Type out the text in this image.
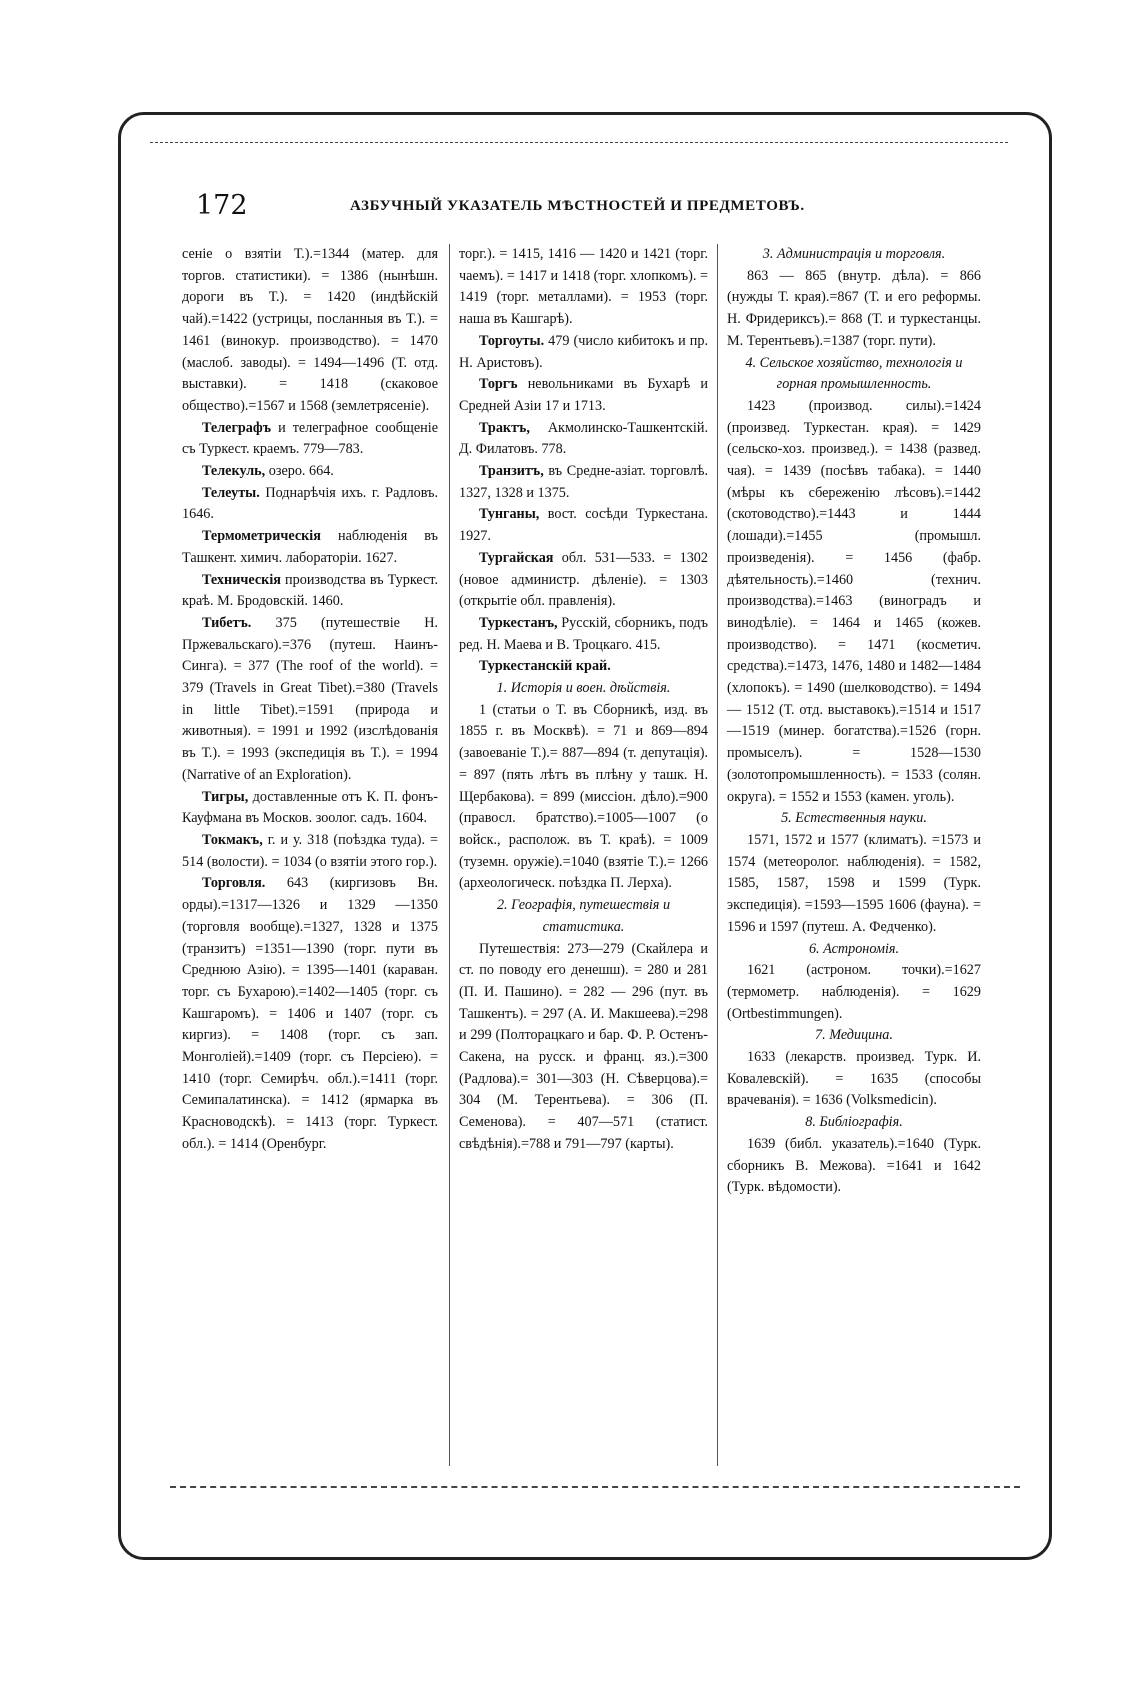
172	АЗБУЧНЫЙ УКАЗАТЕЛЬ МѢСТНОСТЕЙ И ПРЕДМЕТОВЪ.

сеніе о взятіи Т.).=1344 (матер. для торгов. статистики). = 1386 (нынѣшн. дороги въ Т.). = 1420 (индѣйскій чай).=1422 (устрицы, посланныя въ Т.). = 1461 (винокур. производство). = 1470 (маслоб. заводы). = 1494—1496 (Т. отд. выставки). = 1418 (скаковое общество).=1567 и 1568 (землетрясеніе).

Телеграфъ и телеграфное сообщеніе съ Туркест. краемъ. 779—783.

Телекуль, озеро. 664.

Телеуты. Поднарѣчія ихъ. г. Радловъ. 1646.

Термометрическія наблюденія въ Ташкент. химич. лабораторіи. 1627.

Техническія производства въ Туркест. краѣ. М. Бродовскій. 1460.

Тибетъ. 375 (путешествіе Н. Пржевальскаго).=376 (путеш. Наинъ-Синга). = 377 (The roof of the world). = 379 (Travels in Great Tibet).=380 (Travels in little Tibet).=1591 (природа и животныя). = 1991 и 1992 (изслѣдованія въ Т.). = 1993 (экспедиція въ Т.). = 1994 (Narrative of an Exploration).

Тигры, доставленные отъ К. П. фонъ-Кауфмана въ Москов. зоолог. садъ. 1604.

Токмакъ, г. и у. 318 (поѣздка туда). = 514 (волости). = 1034 (о взятіи этого гор.).

Торговля. 643 (киргизовъ Вн. орды).=1317—1326 и 1329 —1350 (торговля вообще).=1327, 1328 и 1375 (транзитъ) =1351—1390 (торг. пути въ Среднюю Азію). = 1395—1401 (караван. торг. съ Бухарою).=1402—1405 (торг. съ Кашгаромъ). = 1406 и 1407 (торг. съ киргиз). = 1408 (торг. съ зап. Монголіей).=1409 (торг. съ Персіею). = 1410 (торг. Семирѣч. обл.).=1411 (торг. Семипалатинска). = 1412 (ярмарка въ Красноводскѣ). = 1413 (торг. Туркест. обл.). = 1414 (Оренбург.

торг.). = 1415, 1416 — 1420 и 1421 (торг. чаемъ). = 1417 и 1418 (торг. хлопкомъ). = 1419 (торг. металлами). = 1953 (торг. наша въ Кашгарѣ).

Торгоуты. 479 (число кибитокъ и пр. Н. Аристовъ).

Торгъ невольниками въ Бухарѣ и Средней Азіи 17 и 1713.

Трактъ, Акмолинско-Ташкентскій. Д. Филатовъ. 778.

Транзитъ, въ Средне-азіат. торговлѣ. 1327, 1328 и 1375.

Тунганы, вост. сосѣди Туркестана. 1927.

Тургайская обл. 531—533. = 1302 (новое администр. дѣленіе). = 1303 (открытіе обл. правленія).

Туркестанъ, Русскій, сборникъ, подъ ред. Н. Маева и В. Троцкаго. 415.

Туркестанскій край.

1. Исторія и воен. дѣйствія.

1 (статьи о Т. въ Сборникѣ, изд. въ 1855 г. въ Москвѣ). = 71 и 869—894 (завоеваніе Т.).= 887—894 (т. депутація). = 897 (пять лѣтъ въ плѣну у ташк. Н. Щербакова). = 899 (миссіон. дѣло).=900 (правосл. братство).=1005—1007 (о войск., располож. въ Т. краѣ). = 1009 (туземн. оружіе).=1040 (взятіе Т.).= 1266 (археологическ. поѣздка П. Лерха).

2. Географія, путешествія и статистика.

Путешествія: 273—279 (Скайлера и ст. по поводу его денешш). = 280 и 281 (П. И. Пашино). = 282 — 296 (пут. въ Ташкентъ). = 297 (А. И. Макшеева).=298 и 299 (Полторацкаго и бар. Ф. Р. Остенъ-Сакена, на русск. и франц. яз.).=300 (Радлова).= 301—303 (Н. Сѣверцова).= 304 (М. Терентьева). = 306 (П. Семенова). = 407—571 (статист. свѣдѣнія).=788 и 791—797 (карты).

3. Администрація и торговля.

863 — 865 (внутр. дѣла). = 866 (нужды Т. края).=867 (Т. и его реформы. Н. Фридериксъ).= 868 (Т. и туркестанцы. М. Терентьевъ).=1387 (торг. пути).

4. Сельское хозяйство, технологія и горная промышленность.

1423 (производ. силы).=1424 (произвед. Туркестан. края). = 1429 (сельско-хоз. произвед.). = 1438 (развед. чая). = 1439 (посѣвъ табака). = 1440 (мѣры къ сбереженію лѣсовъ).=1442 (скотоводство).=1443 и 1444 (лошади).=1455 (промышл. произведенія). = 1456 (фабр. дѣятельность).=1460 (технич. производства).=1463 (виноградъ и винодѣліе). = 1464 и 1465 (кожев. производство). = 1471 (косметич. средства).=1473, 1476, 1480 и 1482—1484 (хлопокъ). = 1490 (шелководство). = 1494 — 1512 (Т. отд. выставокъ).=1514 и 1517 —1519 (минер. богатства).=1526 (горн. промыселъ). = 1528—1530 (золотопромышленность). = 1533 (солян. округа). = 1552 и 1553 (камен. уголь).

5. Естественныя науки.

1571, 1572 и 1577 (климатъ). =1573 и 1574 (метеоролог. наблюденія). = 1582, 1585, 1587, 1598 и 1599 (Турк. экспедиція). =1593—1595 1606 (фауна). = 1596 и 1597 (путеш. А. Федченко).

6. Астрономія.

1621 (астроном. точки).=1627 (термометр. наблюденія). = 1629 (Ortbestimmungen).

7. Медицина.

1633 (лекарств. произвед. Турк. И. Ковалевскій). = 1635 (способы врачеванія). = 1636 (Volksmedicin).

8. Библіографія.

1639 (библ. указатель).=1640 (Турк. сборникъ В. Межова). =1641 и 1642 (Турк. вѣдомости).
